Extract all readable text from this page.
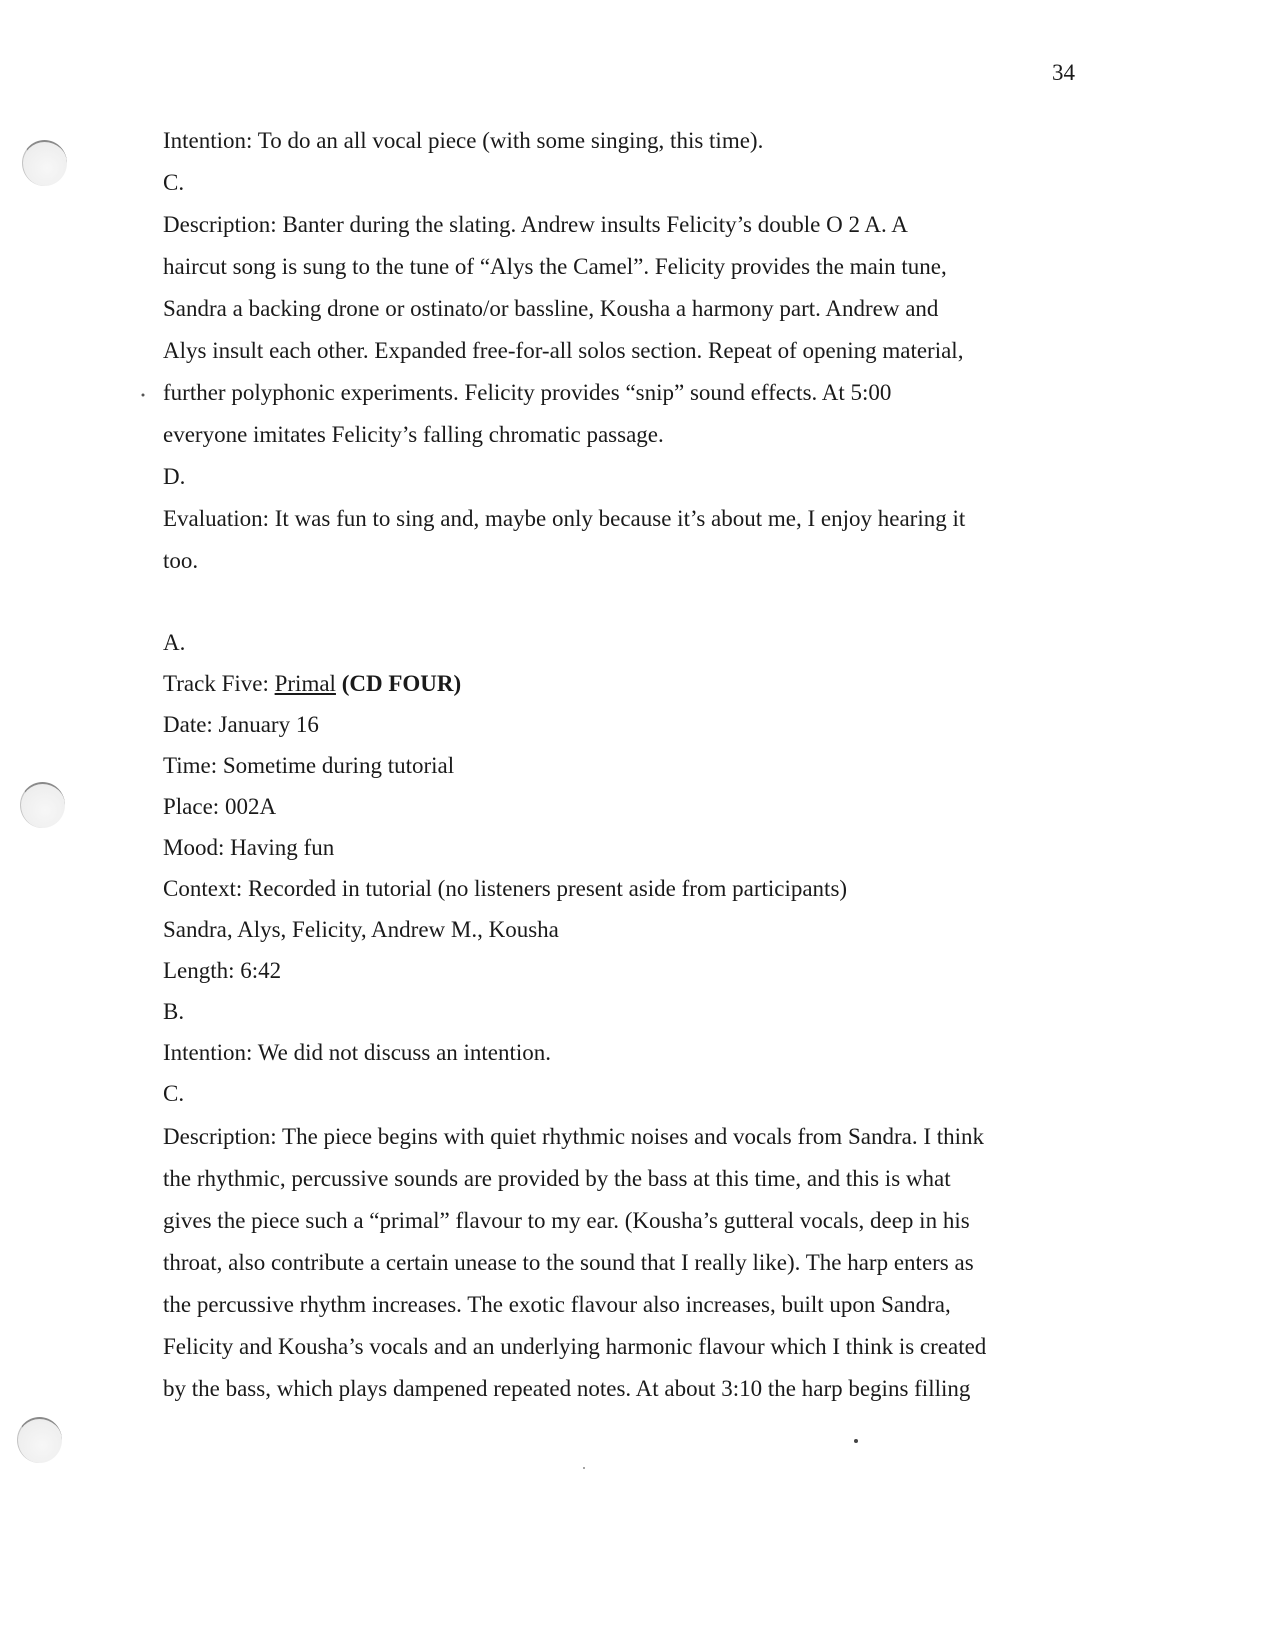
34
Intention: To do an all vocal piece (with some singing, this time).
C.
Description: Banter during the slating. Andrew insults Felicity’s double O 2 A. A
haircut song is sung to the tune of “Alys the Camel”. Felicity provides the main tune,
Sandra a backing drone or ostinato/or bassline, Kousha a harmony part. Andrew and
Alys insult each other. Expanded free-for-all solos section. Repeat of opening material,
further polyphonic experiments. Felicity provides “snip” sound effects. At 5:00
everyone imitates Felicity’s falling chromatic passage.
D.
Evaluation: It was fun to sing and, maybe only because it’s about me, I enjoy hearing it
too.
A.
Track Five: Primal (CD FOUR)
Date: January 16
Time: Sometime during tutorial
Place: 002A
Mood: Having fun
Context: Recorded in tutorial (no listeners present aside from participants)
Sandra, Alys, Felicity, Andrew M., Kousha
Length: 6:42
B.
Intention: We did not discuss an intention.
C.
Description: The piece begins with quiet rhythmic noises and vocals from Sandra. I think
the rhythmic, percussive sounds are provided by the bass at this time, and this is what
gives the piece such a “primal” flavour to my ear. (Kousha’s gutteral vocals, deep in his
throat, also contribute a certain unease to the sound that I really like). The harp enters as
the percussive rhythm increases. The exotic flavour also increases, built upon Sandra,
Felicity and Kousha’s vocals and an underlying harmonic flavour which I think is created
by the bass, which plays dampened repeated notes. At about 3:10 the harp begins filling
